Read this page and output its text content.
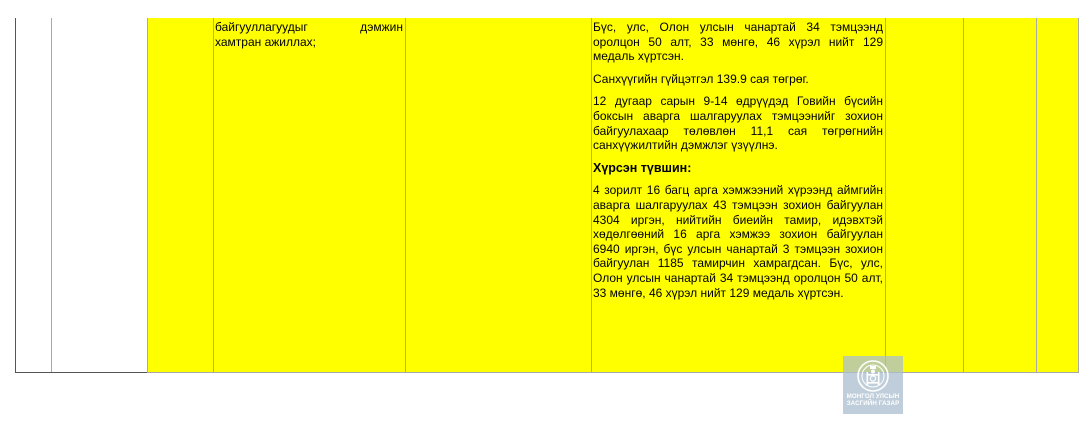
байгууллагуудыг дэмжин хамтран ажиллах;

Бүс, улс, Олон улсын чанартай 34 тэмцээнд оролцон 50 алт, 33 мөнгө, 46 хүрэл нийт 129 медаль хүртсэн.

Санхүүгийн гүйцэтгэл 139.9 сая төгрөг.

12 дугаар сарын 9-14 өдрүүдэд Говийн бүсийн боксын аварга шалгаруулах тэмцээнийг зохион байгуулахаар төлөвлөн 11,1 сая төгрөгнийн санхүүжилтийн дэмжлэг үзүүлнэ.

Хүрсэн түвшин:

4 зорилт 16 багц арга хэмжээний хүрээнд аймгийн аварга шалгаруулах 43 тэмцээн зохион байгуулан 4304 иргэн, нийтийн биеийн тамир, идэвхтэй хөдөлгөөний 16 арга хэмжээ зохион байгуулан 6940 иргэн, бүс улсын чанартай 3 тэмцээн зохион байгуулан 1185 тамирчин хамрагдсан. Бүс, улс, Олон улсын чанартай 34 тэмцээнд оролцон 50 алт, 33 мөнгө, 46 хүрэл нийт 129 медаль хүртсэн.

МОНГОЛ УЛСЫН
ЗАСГИЙН ГАЗАР
